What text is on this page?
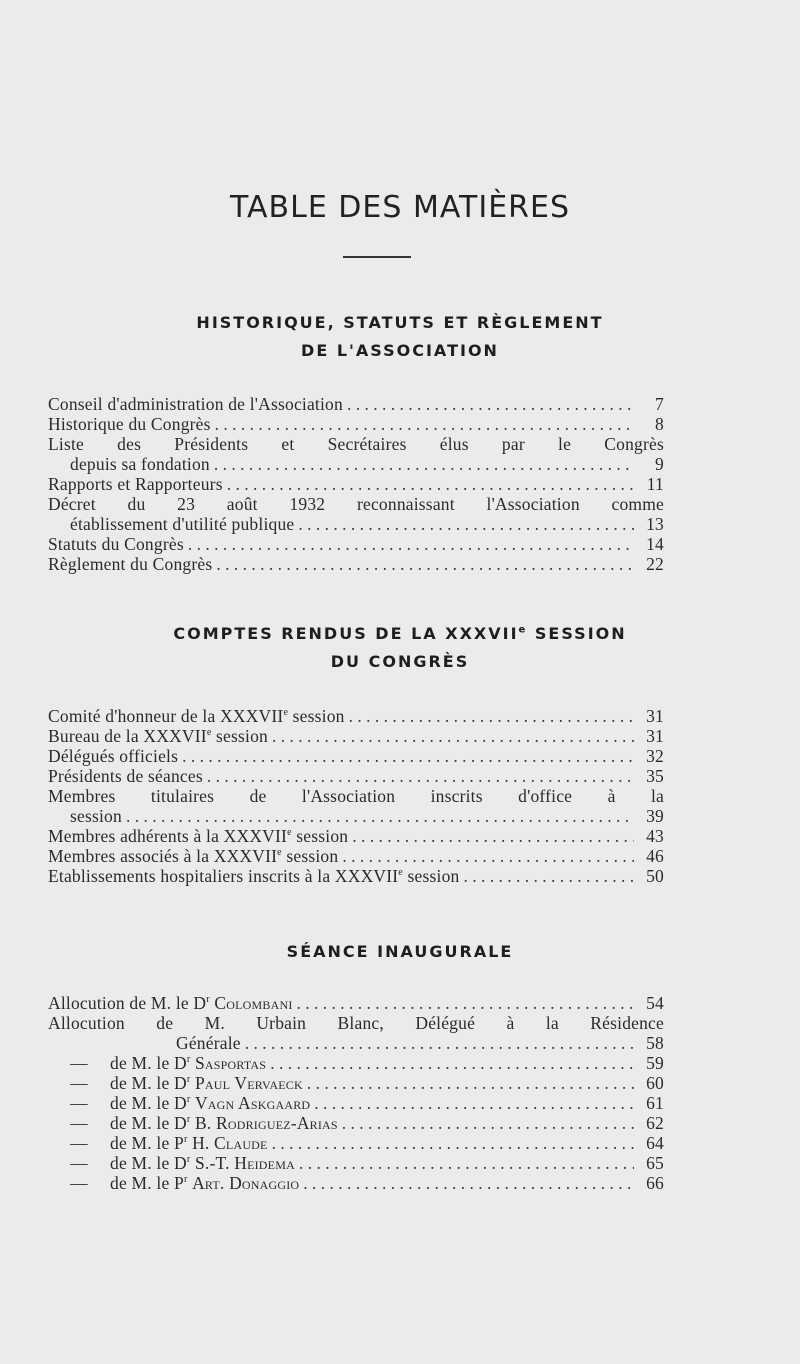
TABLE DES MATIÈRES
HISTORIQUE, STATUTS ET RÈGLEMENT
DE L'ASSOCIATION
Conseil d'administration de l'Association . . .	7
Historique du Congrès . . .	8
Liste des Présidents et Secrétaires élus par le Congrès
depuis sa fondation . . .	9
Rapports et Rapporteurs . . .	11
Décret du 23 août 1932 reconnaissant l'Association comme
établissement d'utilité publique . . .	13
Statuts du Congrès . . .	14
Règlement du Congrès . . .	22
COMPTES RENDUS DE LA XXXVIIe SESSION
DU CONGRÈS
Comité d'honneur de la XXXVIIe session . . .	31
Bureau de la XXXVIIe session . . .	31
Délégués officiels . . .	32
Présidents de séances . . .	35
Membres titulaires de l'Association inscrits d'office à la
session . . .	39
Membres adhérents à la XXXVIIe session . . .	43
Membres associés à la XXXVIIe session . . .	46
Etablissements hospitaliers inscrits à la XXXVIIe session . . .	50
SÉANCE INAUGURALE
Allocution de M. le $D^r$ Colombani . . .	54
Allocution de M. Urbain Blanc, Délégué à la Résidence
Générale . . .	58
—	de M. le $D^r$ Sasportas . . .	59
—	de M. le $D^r$ Paul Vervaeck . . .	60
—	de M. le $D^r$ Vagn Askgaard . . .	61
—	de M. le $D^r$ B. Rodriguez-Arias . . .	62
—	de M. le $P^r$ H. Claude . . .	64
—	de M. le $D^r$ S.-T. Heidema . . .	65
—	de M. le $P^r$ Art. Donaggio . . .	66
